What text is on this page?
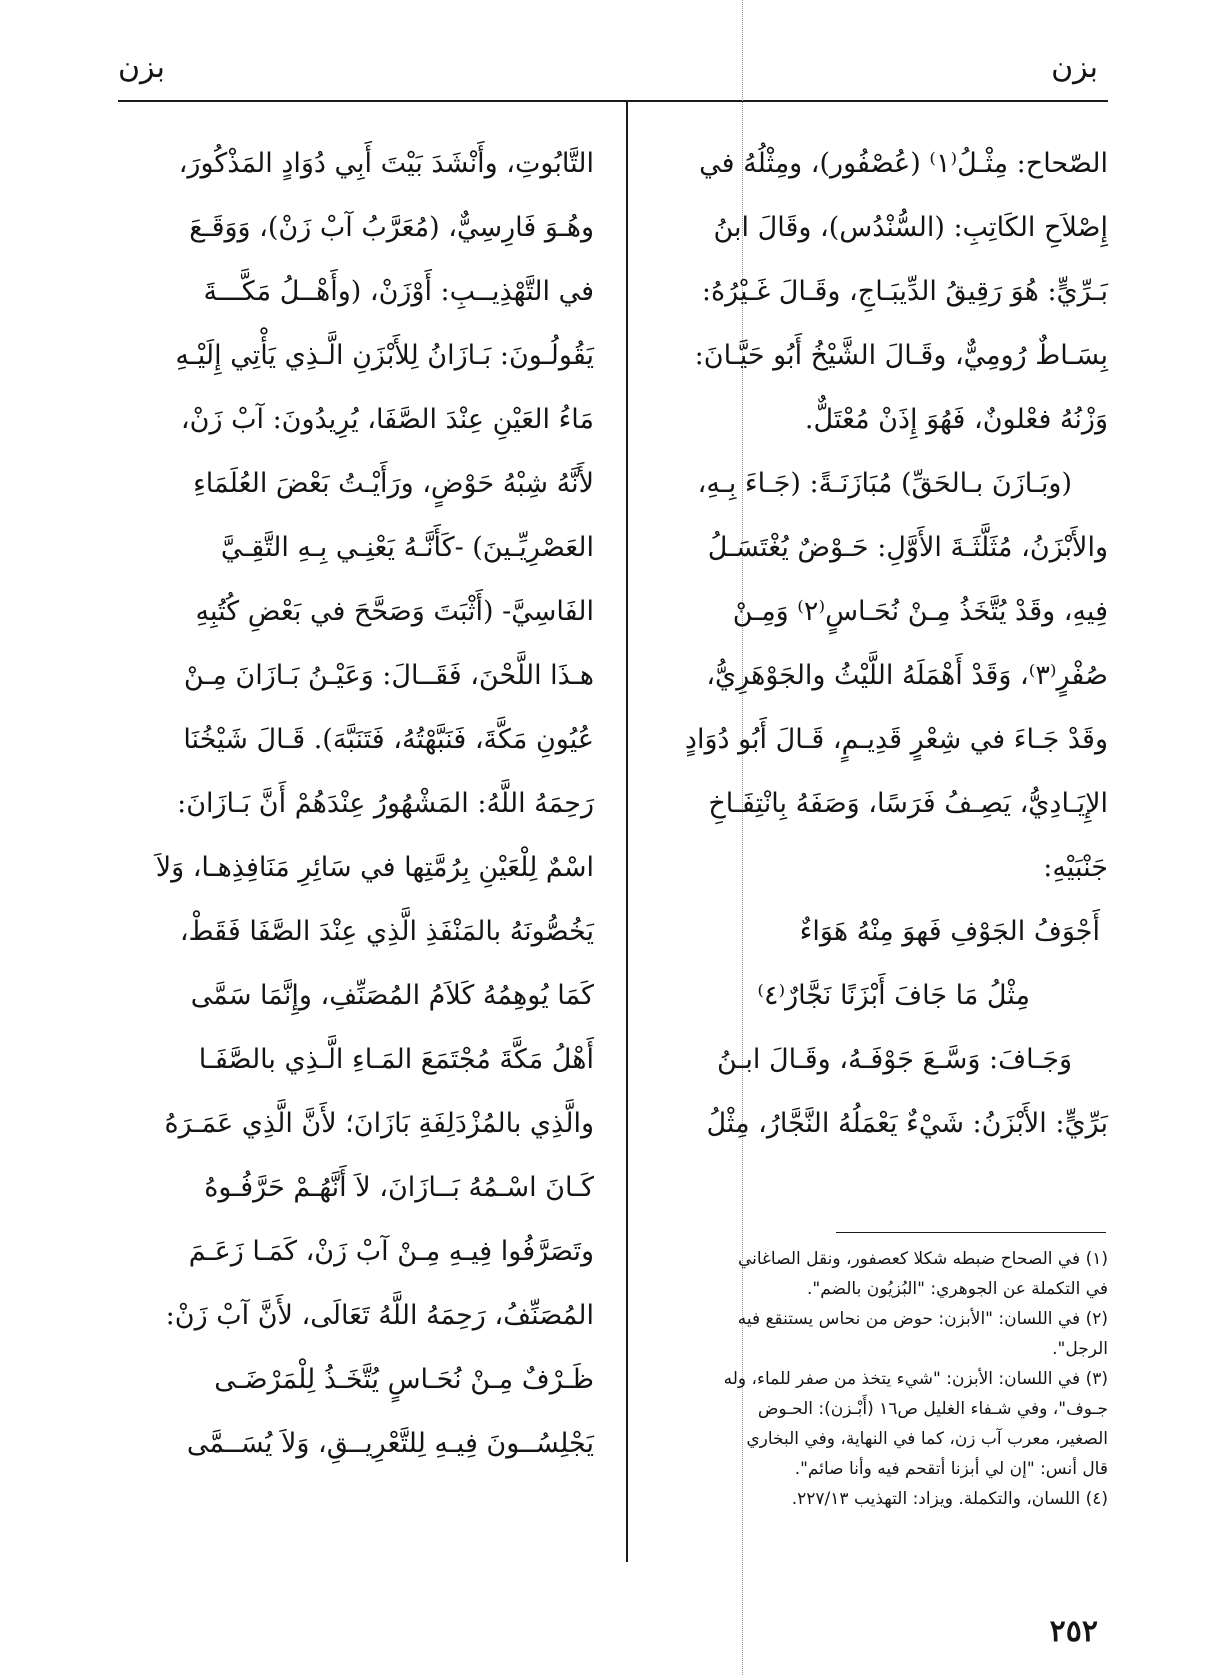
بزن
بزن

الصّحاح: مِثْـلُ⁽١⁾ (عُصْفُور)، ومِثْلُهُ في

إِصْلاَحِ الكَاتِبِ: (السُّنْدُس)، وقَالَ ابنُ

بَـرِّيٍّ: هُوَ رَقِيقُ الدِّيبَـاجِ، وقَـالَ غَـيْرُهُ:

بِسَـاطٌ رُومِيٌّ، وقَـالَ الشَّيْخُ أَبُو حَيَّـانَ:

وَزْنُهُ فعْلونٌ، فَهُوَ إِذَنْ مُعْتَلٌّ.

(وبَـازَنَ بـالحَقِّ) مُبَازَنَـةً: (جَـاءَ بِـهِ،

والأَبْزَنُ، مُثَلَّثَـةَ الأَوَّلِ: حَـوْضٌ يُغْتَسَـلُ

فِيهِ، وقَدْ يُتَّخَذُ مِـنْ نُحَـاسٍ⁽٢⁾ وَمِـنْ

صُفْرٍ⁽٣⁾، وَقَدْ أَهْمَلَهُ اللَّيْثُ والجَوْهَرِيُّ،

وقَدْ جَـاءَ في شِعْرٍ قَدِيـمٍ، قَـالَ أَبُو دُوَادٍ

الإِيَـادِيُّ، يَصِـفُ فَرَسًا، وَصَفَهُ بِانْتِفَـاخِ

جَنْبَيْهِ:

أَجْوَفُ الجَوْفِ فَهوَ مِنْهُ هَوَاءٌ

مِثْلُ مَا جَافَ أَبْزَنًا نَجَّارٌ⁽٤⁾

وَجَـافَ: وَسَّـعَ جَوْفَـهُ، وقَـالَ ابـنُ

بَرِّيٍّ: الأَبْزَنُ: شَيْءٌ يَعْمَلُهُ النَّجَّارُ، مِثْلُ

التَّابُوتِ، وأَنْشَدَ بَيْتَ أَبِي دُوَادٍ المَذْكُورَ،

وهُـوَ فَارِسِيٌّ، (مُعَرَّبُ آبْ زَنْ)، وَوَقَـعَ

في التَّهْذِيــبِ: أَوْزَنْ، (وأَهْــلُ مَكَّـــةَ

يَقُولُـونَ: بَـازَانُ لِلأَبْزَنِ الَّـذِي يَأْتِي إِلَيْـهِ

مَاءُ العَيْنِ عِنْدَ الصَّفَا، يُرِيدُونَ: آبْ زَنْ،

لأَنَّهُ شِبْهُ حَوْضٍ، ورَأَيْـتُ بَعْضَ العُلَمَاءِ

العَصْرِيِّـينَ) -كَأَنَّـهُ يَعْنِـي بِـهِ التَّقِـيَّ

الفَاسِيَّ- (أَثْبَتَ وَصَحَّحَ في بَعْضِ كُتُبِهِ

هـذَا اللَّحْنَ، فَقَــالَ: وَعَيْـنُ بَـازَانَ مِـنْ

عُيُونِ مَكَّةَ، فَنَبَّهْتُهُ، فَتَنَبَّهَ). قَـالَ شَيْخُنَا

رَحِمَهُ اللَّهُ: المَشْهُورُ عِنْدَهُمْ أَنَّ بَـازَانَ:

اسْمٌ لِلْعَيْنِ بِرُمَّتِها في سَائِرِ مَنَافِذِهـا، وَلاَ

يَخُصُّونَهُ بالمَنْفَذِ الَّذِي عِنْدَ الصَّفَا فَقَطْ،

كَمَا يُوهِمُهُ كَلاَمُ المُصَنِّفِ، وإِنَّمَا سَمَّى

أَهْلُ مَكَّةَ مُجْتَمَعَ المَـاءِ الَّـذِي بالصَّفَـا

والَّذِي بالمُزْدَلِفَةِ بَازَانَ؛ لأَنَّ الَّذِي عَمَـرَهُ

كَـانَ اسْـمُهُ بَــازَانَ، لاَ أَنَّهُـمْ حَرَّفُـوهُ

وتَصَرَّفُوا فِيـهِ مِـنْ آبْ زَنْ، كَمَـا زَعَـمَ

المُصَنِّفُ، رَحِمَهُ اللَّهُ تَعَالَى، لأَنَّ آبْ زَنْ:

ظَـرْفٌ مِـنْ نُحَـاسٍ يُتَّخَـذُ لِلْمَرْضَـى

يَجْلِسُــونَ فِيـهِ لِلتَّعْرِيــقِ، وَلاَ يُسَــمَّى

(١) في الصحاح ضبطه شكلا كعصفور، ونقل الصاغاني

في التكملة عن الجوهري: "البُزيُون بالضم".

(٢) في اللسان: "الأبزن: حوض من نحاس يستنقع فيه

الرجل".

(٣) في اللسان: الأبزن: "شيء يتخذ من صفر للماء، وله

جـوف"، وفي شـفاء الغليل ص١٦ (أَبْـزن): الحـوض

الصغير، معرب آب زن، كما في النهاية، وفي البخاري

قال أنس: "إن لي أبزنا أتقحم فيه وأنا صائم".

(٤) اللسان، والتكملة. ويزاد: التهذيب ٢٢٧/١٣.

٢٥٢
